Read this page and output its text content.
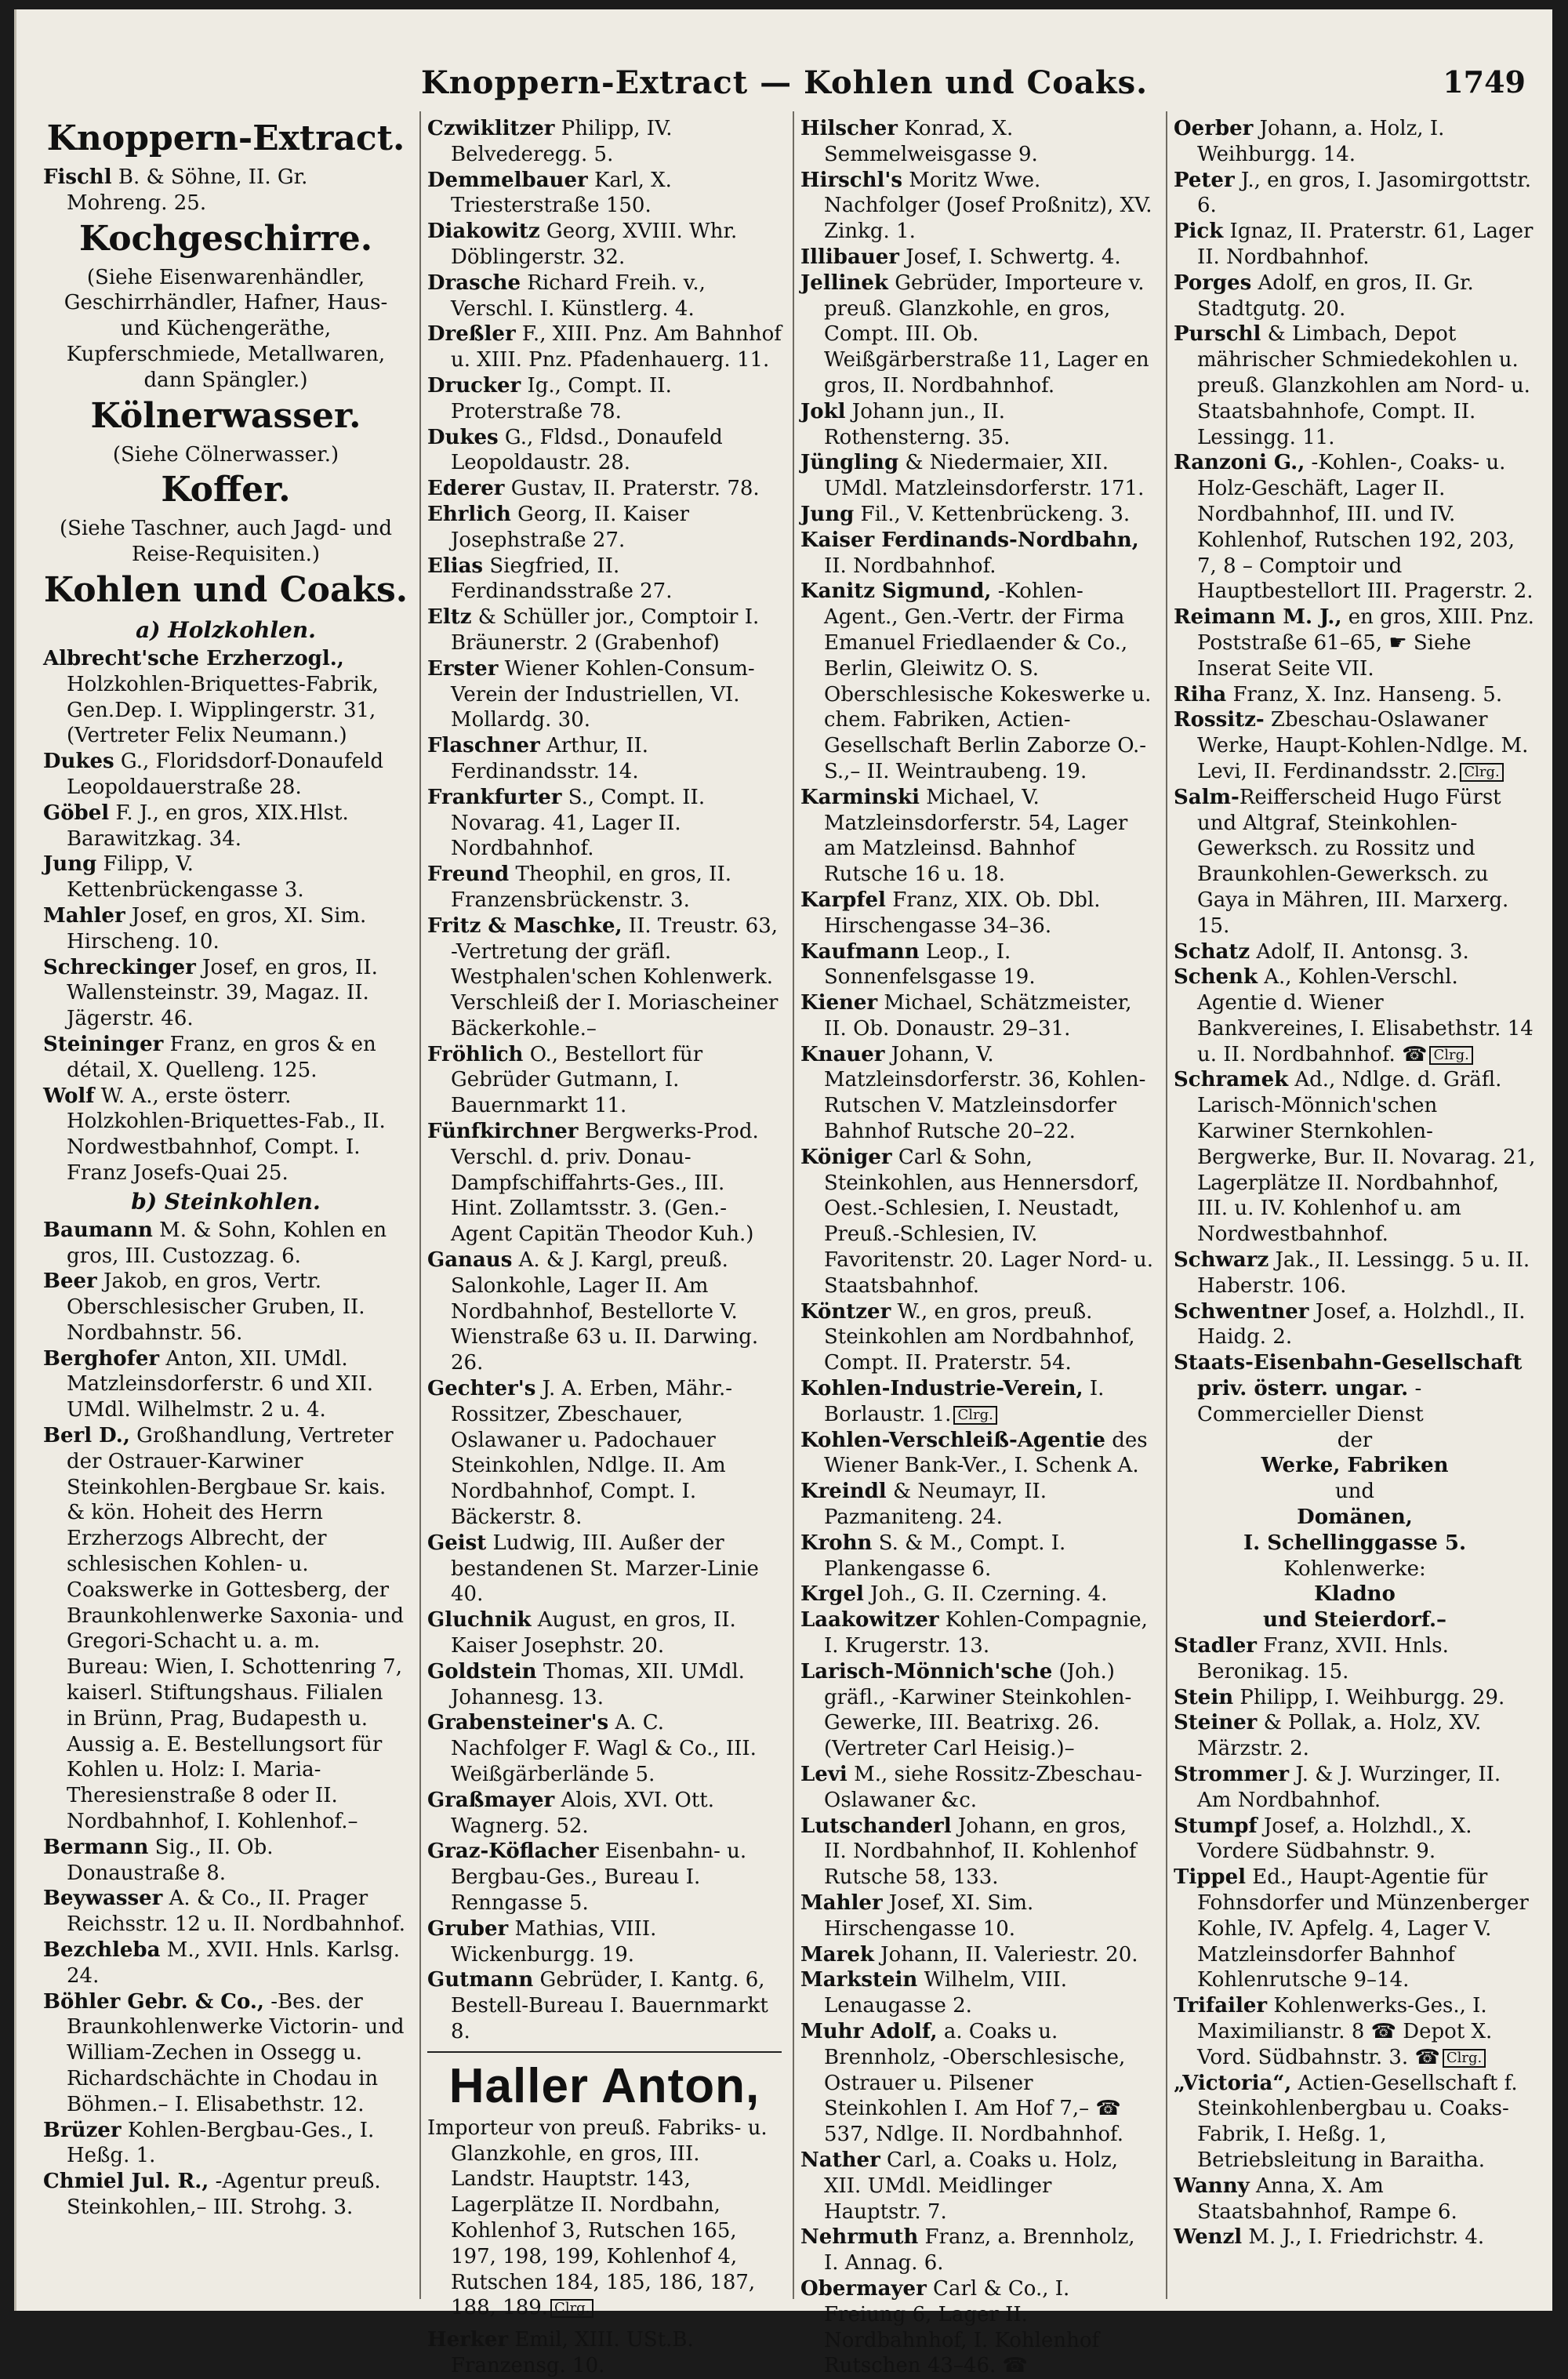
Knoppern-Extract — Kohlen und Coaks.	1749
Knoppern-Extract.

Fischl B. & Söhne, II. Gr. Mohreng. 25.

Kochgeschirre.

(Siehe Eisenwarenhändler, Geschirrhändler, Hafner, Haus- und Küchengeräthe, Kupferschmiede, Metallwaren, dann Spängler.)

Kölnerwasser.

(Siehe Cölnerwasser.)

Koffer.

(Siehe Taschner, auch Jagd- und Reise-Requisiten.)

Kohlen und Coaks.
a) Holzkohlen.

Albrecht'sche Erzherzogl., Holzkohlen-Briquettes-Fabrik, Gen.Dep. I. Wipplingerstr. 31, (Vertreter Felix Neumann.)

Dukes G., Floridsdorf-Donaufeld Leopoldauerstraße 28.

Göbel F. J., en gros, XIX.Hlst. Barawitzkag. 34.

Jung Filipp, V. Kettenbrückengasse 3.

Mahler Josef, en gros, XI. Sim. Hirscheng. 10.

Schreckinger Josef, en gros, II. Wallensteinstr. 39, Magaz. II. Jägerstr. 46.

Steininger Franz, en gros & en détail, X. Quelleng. 125.

Wolf W. A., erste österr. Holzkohlen-Briquettes-Fab., II. Nordwestbahnhof, Compt. I. Franz Josefs-Quai 25.

b) Steinkohlen.

Baumann M. & Sohn, Kohlen en gros, III. Custozzag. 6.

Beer Jakob, en gros, Vertr. Oberschlesischer Gruben, II. Nordbahnstr. 56.

Berghofer Anton, XII. UMdl. Matzleinsdorferstr. 6 und XII. UMdl. Wilhelmstr. 2 u. 4.

Berl D., Großhandlung, Vertreter der Ostrauer-Karwiner Steinkohlen-Bergbaue Sr. kais. & kön. Hoheit des Herrn Erzherzogs Albrecht, der schlesischen Kohlen- u. Coakswerke in Gottesberg, der Braunkohlenwerke Saxonia- und Gregori-Schacht u. a. m. Bureau: Wien, I. Schottenring 7, kaiserl. Stiftungshaus. Filialen in Brünn, Prag, Budapesth u. Aussig a. E. Bestellungsort für Kohlen u. Holz: I. Maria-Theresienstraße 8 oder II. Nordbahnhof, I. Kohlenhof.–

Bermann Sig., II. Ob. Donaustraße 8.

Beywasser A. & Co., II. Prager Reichsstr. 12 u. II. Nordbahnhof.

Bezchleba M., XVII. Hnls. Karlsg. 24.

Böhler Gebr. & Co., -Bes. der Braunkohlenwerke Victorin- und William-Zechen in Ossegg u. Richardschächte in Chodau in Böhmen.– I. Elisabethstr. 12.

Brüzer Kohlen-Bergbau-Ges., I. Heßg. 1.

Chmiel Jul. R., -Agentur preuß. Steinkohlen,– III. Strohg. 3.

Czwiklitzer Philipp, IV. Belvederegg. 5.

Demmelbauer Karl, X. Triesterstraße 150.

Diakowitz Georg, XVIII. Whr. Döblingerstr. 32.

Drasche Richard Freih. v., Verschl. I. Künstlerg. 4.

Dreßler F., XIII. Pnz. Am Bahnhof u. XIII. Pnz. Pfadenhauerg. 11.

Drucker Ig., Compt. II. Proterstraße 78.

Dukes G., Fldsd., Donaufeld Leopoldaustr. 28.

Ederer Gustav, II. Praterstr. 78.

Ehrlich Georg, II. Kaiser Josephstraße 27.

Elias Siegfried, II. Ferdinandsstraße 27.

Eltz & Schüller jor., Comptoir I. Bräunerstr. 2 (Grabenhof)

Erster Wiener Kohlen-Consum-Verein der Industriellen, VI. Mollardg. 30.

Flaschner Arthur, II. Ferdinandsstr. 14.

Frankfurter S., Compt. II. Novarag. 41, Lager II. Nordbahnhof.

Freund Theophil, en gros, II. Franzensbrückenstr. 3.

Fritz & Maschke, II. Treustr. 63, -Vertretung der gräfl. Westphalen'schen Kohlenwerk. Verschleiß der I. Moriascheiner Bäckerkohle.–

Fröhlich O., Bestellort für Gebrüder Gutmann, I. Bauernmarkt 11.

Fünfkirchner Bergwerks-Prod. Verschl. d. priv. Donau-Dampfschiffahrts-Ges., III. Hint. Zollamtsstr. 3. (Gen.-Agent Capitän Theodor Kuh.)

Ganaus A. & J. Kargl, preuß. Salonkohle, Lager II. Am Nordbahnhof, Bestellorte V. Wienstraße 63 u. II. Darwing. 26.

Gechter's J. A. Erben, Mähr.-Rossitzer, Zbeschauer, Oslawaner u. Padochauer Steinkohlen, Ndlge. II. Am Nordbahnhof, Compt. I. Bäckerstr. 8.

Geist Ludwig, III. Außer der bestandenen St. Marzer-Linie 40.

Gluchnik August, en gros, II. Kaiser Josephstr. 20.

Goldstein Thomas, XII. UMdl. Johannesg. 13.

Grabensteiner's A. C. Nachfolger F. Wagl & Co., III. Weißgärberlände 5.

Graßmayer Alois, XVI. Ott. Wagnerg. 52.

Graz-Köflacher Eisenbahn- u. Bergbau-Ges., Bureau I. Renngasse 5.

Gruber Mathias, VIII. Wickenburgg. 19.

Gutmann Gebrüder, I. Kantg. 6, Bestell-Bureau I. Bauernmarkt 8.

Haller Anton,

Importeur von preuß. Fabriks- u. Glanzkohle, en gros, III. Landstr. Hauptstr. 143, Lagerplätze II. Nordbahn, Kohlenhof 3, Rutschen 165, 197, 198, 199, Kohlenhof 4, Rutschen 184, 185, 186, 187, 188, 189. Clrg.

Herker Emil, XIII. USt.B. Franzensg. 10.

Hilscher Konrad, X. Semmelweisgasse 9.

Hirschl's Moritz Wwe. Nachfolger (Josef Proßnitz), XV. Zinkg. 1.

Illibauer Josef, I. Schwertg. 4.

Jellinek Gebrüder, Importeure v. preuß. Glanzkohle, en gros, Compt. III. Ob. Weißgärberstraße 11, Lager en gros, II. Nordbahnhof.

Jokl Johann jun., II. Rothensterng. 35.

Jüngling & Niedermaier, XII. UMdl. Matzleinsdorferstr. 171.

Jung Fil., V. Kettenbrückeng. 3.

Kaiser Ferdinands-Nordbahn, II. Nordbahnhof.

Kanitz Sigmund, -Kohlen-Agent., Gen.-Vertr. der Firma Emanuel Friedlaender & Co., Berlin, Gleiwitz O. S. Oberschlesische Kokeswerke u. chem. Fabriken, Actien-Gesellschaft Berlin Zaborze O.-S.,– II. Weintraubeng. 19.

Karminski Michael, V. Matzleinsdorferstr. 54, Lager am Matzleinsd. Bahnhof Rutsche 16 u. 18.

Karpfel Franz, XIX. Ob. Dbl. Hirschengasse 34–36.

Kaufmann Leop., I. Sonnenfelsgasse 19.

Kiener Michael, Schätzmeister, II. Ob. Donaustr. 29–31.

Knauer Johann, V. Matzleinsdorferstr. 36, Kohlen-Rutschen V. Matzleinsdorfer Bahnhof Rutsche 20–22.

Königer Carl & Sohn, Steinkohlen, aus Hennersdorf, Oest.-Schlesien, I. Neustadt, Preuß.-Schlesien, IV. Favoritenstr. 20. Lager Nord- u. Staatsbahnhof.

Köntzer W., en gros, preuß. Steinkohlen am Nordbahnhof, Compt. II. Praterstr. 54.

Kohlen-Industrie-Verein, I. Borlaustr. 1. Clrg.

Kohlen-Verschleiß-Agentie des Wiener Bank-Ver., I. Schenk A.

Kreindl & Neumayr, II. Pazmaniteng. 24.

Krohn S. & M., Compt. I. Plankengasse 6.

Krgel Joh., G. II. Czerning. 4.

Laakowitzer Kohlen-Compagnie, I. Krugerstr. 13.

Larisch-Mönnich'sche (Joh.) gräfl., -Karwiner Steinkohlen-Gewerke, III. Beatrixg. 26. (Vertreter Carl Heisig.)–

Levi M., siehe Rossitz-Zbeschau-Oslawaner &c.

Lutschanderl Johann, en gros, II. Nordbahnhof, II. Kohlenhof Rutsche 58, 133.

Mahler Josef, XI. Sim. Hirschengasse 10.

Marek Johann, II. Valeriestr. 20.

Markstein Wilhelm, VIII. Lenaugasse 2.

Muhr Adolf, a. Coaks u. Brennholz, -Oberschlesische, Ostrauer u. Pilsener Steinkohlen I. Am Hof 7,– ☎ 537, Ndlge. II. Nordbahnhof.

Nather Carl, a. Coaks u. Holz, XII. UMdl. Meidlinger Hauptstr. 7.

Nehrmuth Franz, a. Brennholz, I. Annag. 6.

Obermayer Carl & Co., I. Freiung 6, Lager II. Nordbahnhof, I. Kohlenhof Rutschen 43–46. ☎

Oerber Johann, a. Holz, I. Weihburgg. 14.

Peter J., en gros, I. Jasomirgottstr. 6.

Pick Ignaz, II. Praterstr. 61, Lager II. Nordbahnhof.

Porges Adolf, en gros, II. Gr. Stadtgutg. 20.

Purschl & Limbach, Depot mährischer Schmiedekohlen u. preuß. Glanzkohlen am Nord- u. Staatsbahnhofe, Compt. II. Lessingg. 11.

Ranzoni G., -Kohlen-, Coaks- u. Holz-Geschäft, Lager II. Nordbahnhof, III. und IV. Kohlenhof, Rutschen 192, 203, 7, 8 – Comptoir und Hauptbestellort III. Pragerstr. 2.

Reimann M. J., en gros, XIII. Pnz. Poststraße 61–65, ☛ Siehe Inserat Seite VII.

Riha Franz, X. Inz. Hanseng. 5.

Rossitz- Zbeschau-Oslawaner Werke, Haupt-Kohlen-Ndlge. M. Levi, II. Ferdinandsstr. 2. Clrg.

Salm-Reifferscheid Hugo Fürst und Altgraf, Steinkohlen-Gewerksch. zu Rossitz und Braunkohlen-Gewerksch. zu Gaya in Mähren, III. Marxerg. 15.

Schatz Adolf, II. Antonsg. 3.

Schenk A., Kohlen-Verschl. Agentie d. Wiener Bankvereines, I. Elisabethstr. 14 u. II. Nordbahnhof. ☎ Clrg.

Schramek Ad., Ndlge. d. Gräfl. Larisch-Mönnich'schen Karwiner Sternkohlen-Bergwerke, Bur. II. Novarag. 21, Lagerplätze II. Nordbahnhof, III. u. IV. Kohlenhof u. am Nordwestbahnhof.

Schwarz Jak., II. Lessingg. 5 u. II. Haberstr. 106.

Schwentner Josef, a. Holzhdl., II. Haidg. 2.

Staats-Eisenbahn-Gesellschaft priv. österr. ungar. -Commercieller Dienst

der

Werke, Fabriken

und

Domänen,

I. Schellinggasse 5.

Kohlenwerke:

Kladno

und Steierdorf.–

Stadler Franz, XVII. Hnls. Beronikag. 15.

Stein Philipp, I. Weihburgg. 29.

Steiner & Pollak, a. Holz, XV. Märzstr. 2.

Strommer J. & J. Wurzinger, II. Am Nordbahnhof.

Stumpf Josef, a. Holzhdl., X. Vordere Südbahnstr. 9.

Tippel Ed., Haupt-Agentie für Fohnsdorfer und Münzenberger Kohle, IV. Apfelg. 4, Lager V. Matzleinsdorfer Bahnhof Kohlenrutsche 9–14.

Trifailer Kohlenwerks-Ges., I. Maximilianstr. 8 ☎ Depot X. Vord. Südbahnstr. 3. ☎ Clrg.

„Victoria“, Actien-Gesellschaft f. Steinkohlenbergbau u. Coaks-Fabrik, I. Heßg. 1, Betriebsleitung in Baraitha.

Wanny Anna, X. Am Staatsbahnhof, Rampe 6.

Wenzl M. J., I. Friedrichstr. 4.
